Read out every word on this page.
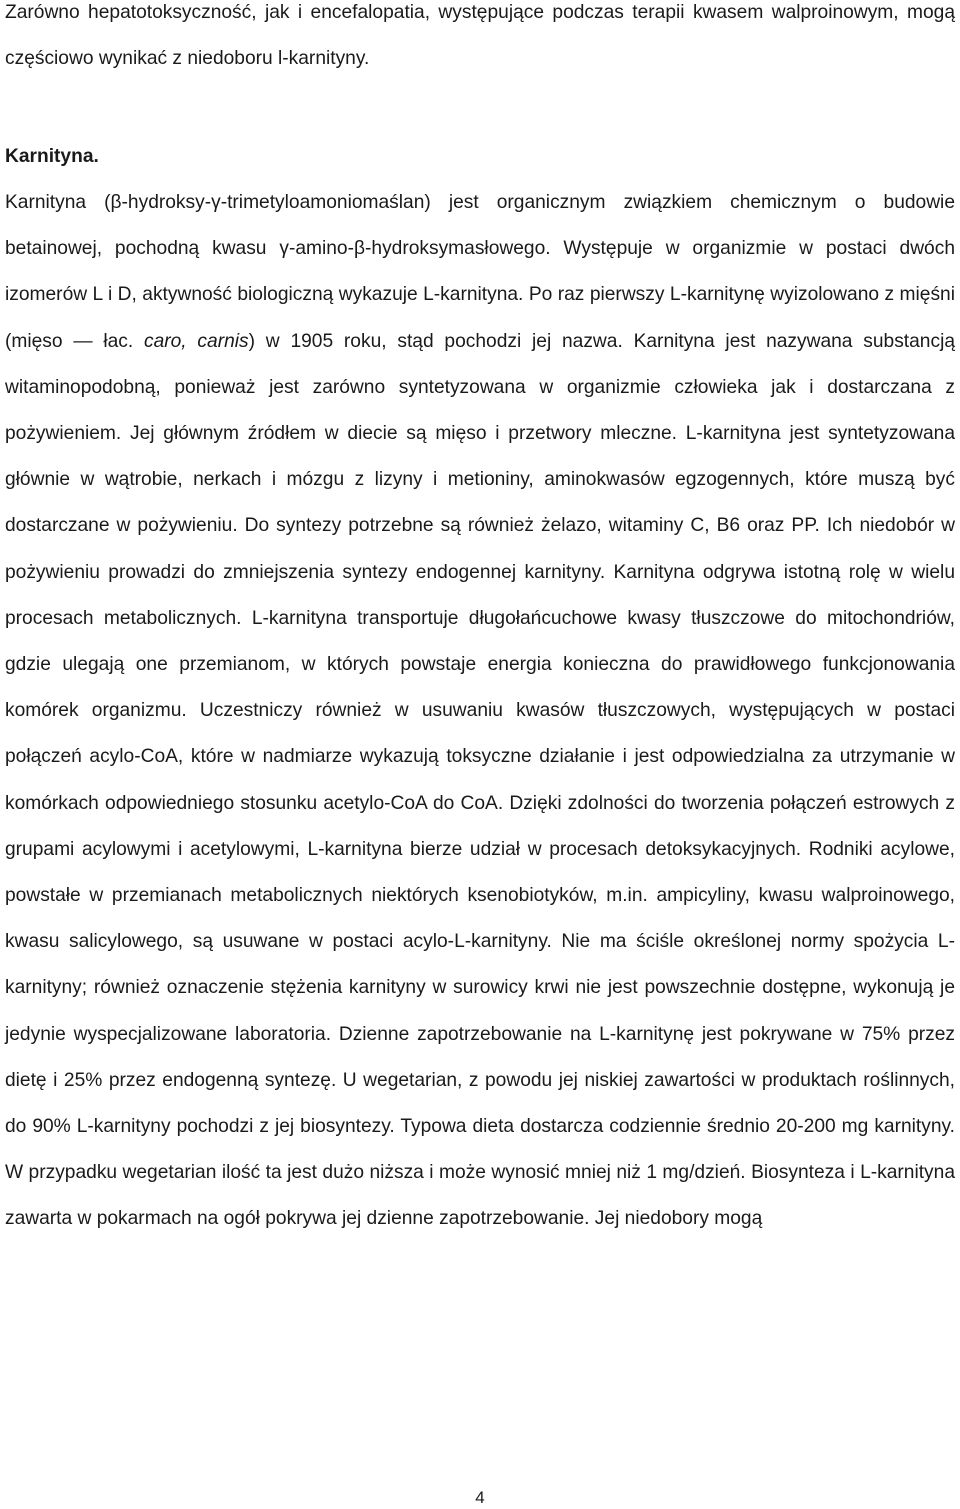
Zarówno hepatotoksyczność, jak i encefalopatia, występujące podczas terapii kwasem walproinowym, mogą częściowo wynikać z niedoboru l-karnityny.
Karnityna.
Karnityna (β-hydroksy-γ-trimetyloamoniomaślan) jest organicznym związkiem chemicznym o budowie betainowej, pochodną kwasu γ-amino-β-hydroksymasłowego. Występuje w organizmie w postaci dwóch izomerów L i D, aktywność biologiczną wykazuje L-karnityna. Po raz pierwszy L-karnitynę wyizolowano z mięśni (mięso — łac. caro, carnis) w 1905 roku, stąd pochodzi jej nazwa. Karnityna jest nazywana substancją witaminopodobną, ponieważ jest zarówno syntetyzowana w organizmie człowieka jak i dostarczana z pożywieniem. Jej głównym źródłem w diecie są mięso i przetwory mleczne. L-karnityna jest syntetyzowana głównie w wątrobie, nerkach i mózgu z lizyny i metioniny, aminokwasów egzogennych, które muszą być dostarczane w pożywieniu. Do syntezy potrzebne są również żelazo, witaminy C, B6 oraz PP. Ich niedobór w pożywieniu prowadzi do zmniejszenia syntezy endogennej karnityny. Karnityna odgrywa istotną rolę w wielu procesach metabolicznych. L-karnityna transportuje długołańcuchowe kwasy tłuszczowe do mitochondriów, gdzie ulegają one przemianom, w których powstaje energia konieczna do prawidłowego funkcjonowania komórek organizmu. Uczestniczy również w usuwaniu kwasów tłuszczowych, występujących w postaci połączeń acylo-CoA, które w nadmiarze wykazują toksyczne działanie i jest odpowiedzialna za utrzymanie w komórkach odpowiedniego stosunku acetylo-CoA do CoA. Dzięki zdolności do tworzenia połączeń estrowych z grupami acylowymi i acetylowymi, L-karnityna bierze udział w procesach detoksykacyjnych. Rodniki acylowe, powstałe w przemianach metabolicznych niektórych ksenobiotyków, m.in. ampicyliny, kwasu walproinowego, kwasu salicylowego, są usuwane w postaci acylo-L-karnityny. Nie ma ściśle określonej normy spożycia L-karnityny; również oznaczenie stężenia karnityny w surowicy krwi nie jest powszechnie dostępne, wykonują je jedynie wyspecjalizowane laboratoria. Dzienne zapotrzebowanie na L-karnitynę jest pokrywane w 75% przez dietę i 25% przez endogenną syntezę. U wegetarian, z powodu jej niskiej zawartości w produktach roślinnych, do 90% L-karnityny pochodzi z jej biosyntezy. Typowa dieta dostarcza codziennie średnio 20-200 mg karnityny. W przypadku wegetarian ilość ta jest dużo niższa i może wynosić mniej niż 1 mg/dzień. Biosynteza i L-karnityna zawarta w pokarmach na ogół pokrywa jej dzienne zapotrzebowanie. Jej niedobory mogą
4
